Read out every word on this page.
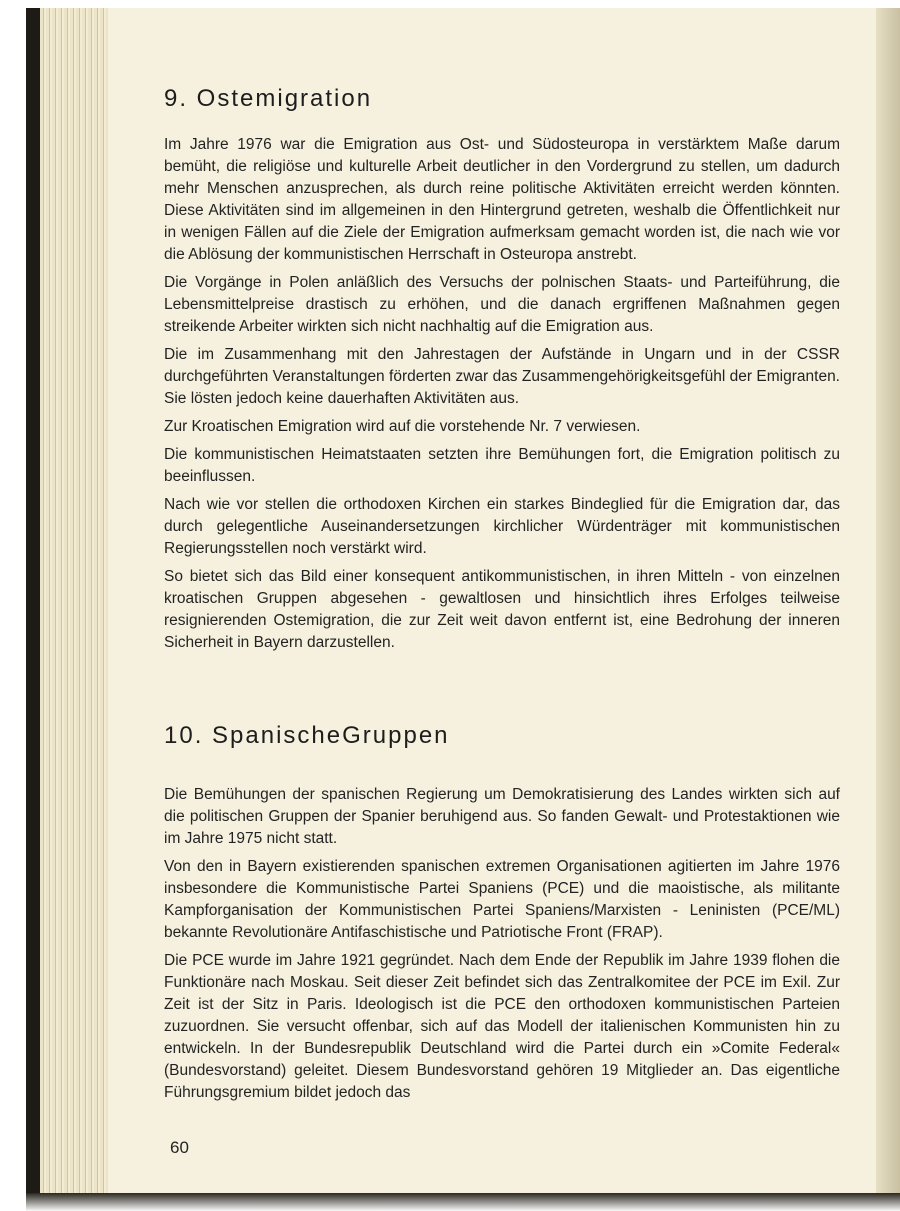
9. Ostemigration

Im Jahre 1976 war die Emigration aus Ost- und Südosteuropa in verstärktem Maße darum bemüht, die religiöse und kulturelle Arbeit deutlicher in den Vordergrund zu stellen, um dadurch mehr Menschen anzusprechen, als durch reine politische Aktivitäten erreicht werden könnten. Diese Aktivitäten sind im allgemeinen in den Hintergrund getreten, weshalb die Öffentlichkeit nur in wenigen Fällen auf die Ziele der Emigration aufmerksam gemacht worden ist, die nach wie vor die Ablösung der kommunistischen Herrschaft in Osteuropa anstrebt.

Die Vorgänge in Polen anläßlich des Versuchs der polnischen Staats- und Parteiführung, die Lebensmittelpreise drastisch zu erhöhen, und die danach ergriffenen Maßnahmen gegen streikende Arbeiter wirkten sich nicht nachhaltig auf die Emigration aus.

Die im Zusammenhang mit den Jahrestagen der Aufstände in Ungarn und in der CSSR durchgeführten Veranstaltungen förderten zwar das Zusammengehörigkeitsgefühl der Emigranten. Sie lösten jedoch keine dauerhaften Aktivitäten aus.

Zur Kroatischen Emigration wird auf die vorstehende Nr. 7 verwiesen.

Die kommunistischen Heimatstaaten setzten ihre Bemühungen fort, die Emigration politisch zu beeinflussen.

Nach wie vor stellen die orthodoxen Kirchen ein starkes Bindeglied für die Emigration dar, das durch gelegentliche Auseinandersetzungen kirchlicher Würdenträger mit kommunistischen Regierungsstellen noch verstärkt wird.

So bietet sich das Bild einer konsequent antikommunistischen, in ihren Mitteln - von einzelnen kroatischen Gruppen abgesehen - gewaltlosen und hinsichtlich ihres Erfolges teilweise resignierenden Ostemigration, die zur Zeit weit davon entfernt ist, eine Bedrohung der inneren Sicherheit in Bayern darzustellen.

10. SpanischeGruppen

Die Bemühungen der spanischen Regierung um Demokratisierung des Landes wirkten sich auf die politischen Gruppen der Spanier beruhigend aus. So fanden Gewalt- und Protestaktionen wie im Jahre 1975 nicht statt.

Von den in Bayern existierenden spanischen extremen Organisationen agitierten im Jahre 1976 insbesondere die Kommunistische Partei Spaniens (PCE) und die maoistische, als militante Kampforganisation der Kommunistischen Partei Spaniens/Marxisten - Leninisten (PCE/ML) bekannte Revolutionäre Antifaschistische und Patriotische Front (FRAP).

Die PCE wurde im Jahre 1921 gegründet. Nach dem Ende der Republik im Jahre 1939 flohen die Funktionäre nach Moskau. Seit dieser Zeit befindet sich das Zentralkomitee der PCE im Exil. Zur Zeit ist der Sitz in Paris. Ideologisch ist die PCE den orthodoxen kommunistischen Parteien zuzuordnen. Sie versucht offenbar, sich auf das Modell der italienischen Kommunisten hin zu entwickeln. In der Bundesrepublik Deutschland wird die Partei durch ein »Comite Federal« (Bundesvorstand) geleitet. Diesem Bundesvorstand gehören 19 Mitglieder an. Das eigentliche Führungsgremium bildet jedoch das

60
